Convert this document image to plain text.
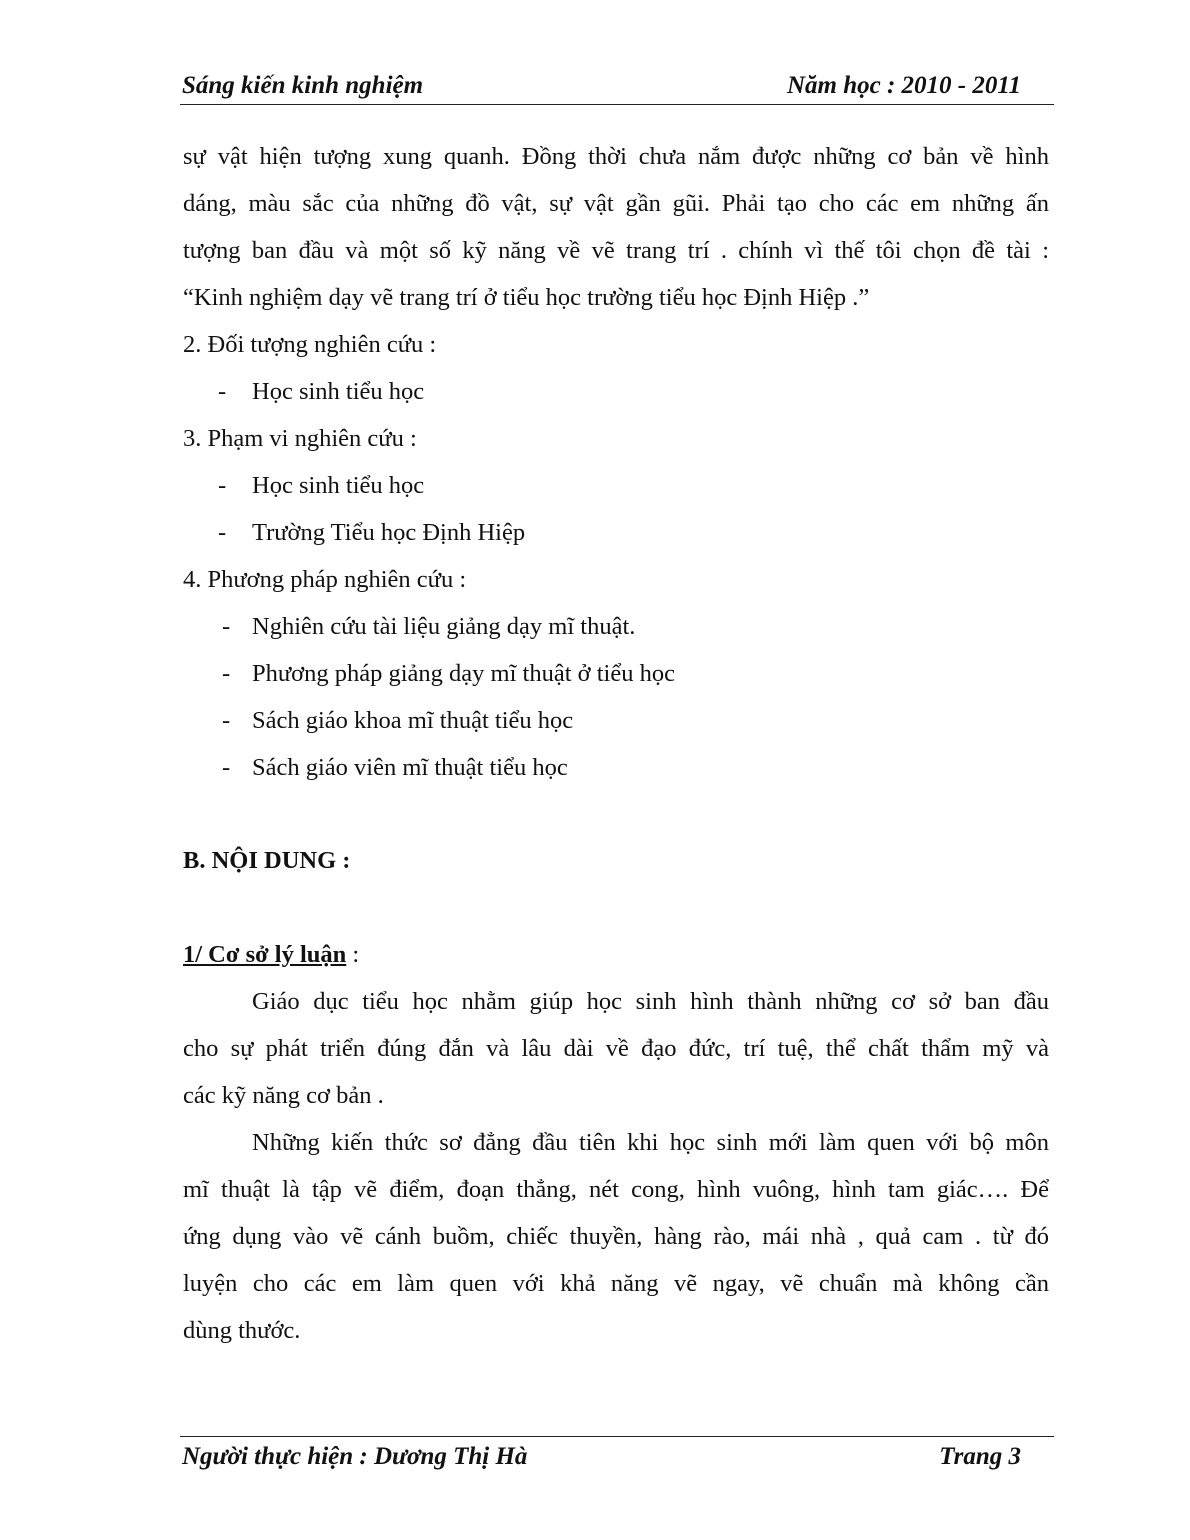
Sáng kiến kinh nghiệm	Năm học : 2010 - 2011
sự vật hiện tượng xung quanh. Đồng thời chưa nắm được những cơ bản về hình
dáng, màu sắc của những đồ vật, sự vật gần gũi. Phải tạo cho các em những ấn
tượng ban đầu và một số kỹ năng về vẽ trang trí . chính vì thế tôi chọn đề tài :
“Kinh nghiệm dạy vẽ trang trí ở tiểu học trường tiểu học Định Hiệp .”
2. Đối tượng nghiên cứu :
- Học sinh tiểu học
3. Phạm vi nghiên cứu :
- Học sinh tiểu học
- Trường Tiểu học Định Hiệp
4. Phương pháp nghiên cứu :
- Nghiên cứu tài liệu giảng dạy mĩ thuật.
- Phương pháp giảng dạy mĩ thuật ở tiểu học
- Sách giáo khoa mĩ thuật tiểu học
- Sách giáo viên mĩ thuật tiểu học
B. NỘI DUNG :
1/ Cơ sở lý luận :
Giáo dục tiểu học nhằm giúp học sinh hình thành những cơ sở ban đầu
cho sự phát triển đúng đắn và lâu dài về đạo đức, trí tuệ, thể chất thẩm mỹ và
các kỹ năng cơ bản .
Những kiến thức sơ đẳng đầu tiên khi học sinh mới làm quen với bộ môn
mĩ thuật là tập vẽ điểm, đoạn thẳng, nét cong, hình vuông, hình tam giác…. Để
ứng dụng vào vẽ cánh buồm, chiếc thuyền, hàng rào, mái nhà , quả cam . từ đó
luyện cho các em làm quen với khả năng vẽ ngay, vẽ chuẩn mà không cần
dùng thước.
Người thực hiện : Dương Thị Hà	Trang 3
